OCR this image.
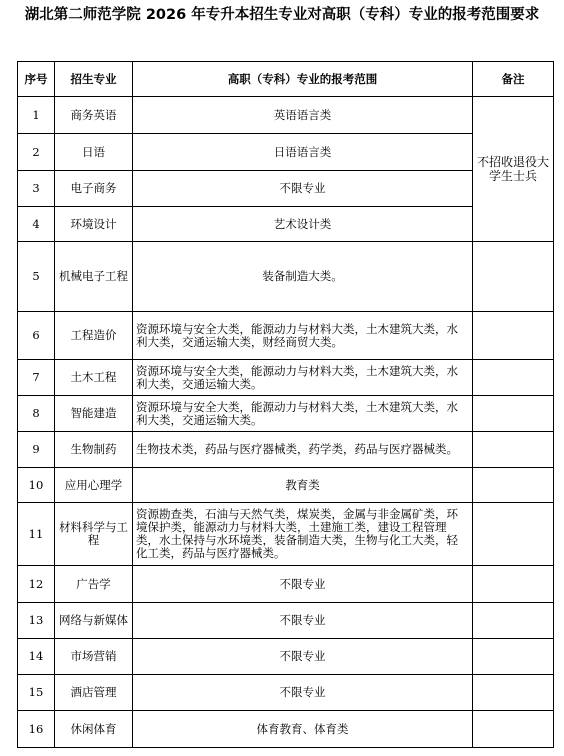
湖北第二师范学院 2026 年专升本招生专业对高职（专科）专业的报考范围要求
序号	招生专业	高职（专科）专业的报考范围	备注
1	商务英语	英语语言类	不招收退役大学生士兵
2	日语	日语语言类	
3	电子商务	不限专业	
4	环境设计	艺术设计类	
5	机械电子工程	装备制造大类。	
6	工程造价	资源环境与安全大类，能源动力与材料大类，土木建筑大类，水利大类，交通运输大类，财经商贸大类。	
7	土木工程	资源环境与安全大类，能源动力与材料大类，土木建筑大类，水利大类，交通运输大类。	
8	智能建造	资源环境与安全大类，能源动力与材料大类，土木建筑大类，水利大类，交通运输大类。	
9	生物制药	生物技术类，药品与医疗器械类，药学类，药品与医疗器械类。	
10	应用心理学	教育类	
11	材料科学与工程	资源勘查类，石油与天然气类，煤炭类，金属与非金属矿类，环境保护类，能源动力与材料大类，土建施工类，建设工程管理类，水土保持与水环境类，装备制造大类，生物与化工大类，轻化工类，药品与医疗器械类。	
12	广告学	不限专业	
13	网络与新媒体	不限专业	
14	市场营销	不限专业	
15	酒店管理	不限专业	
16	休闲体育	体育教育、体育类	
